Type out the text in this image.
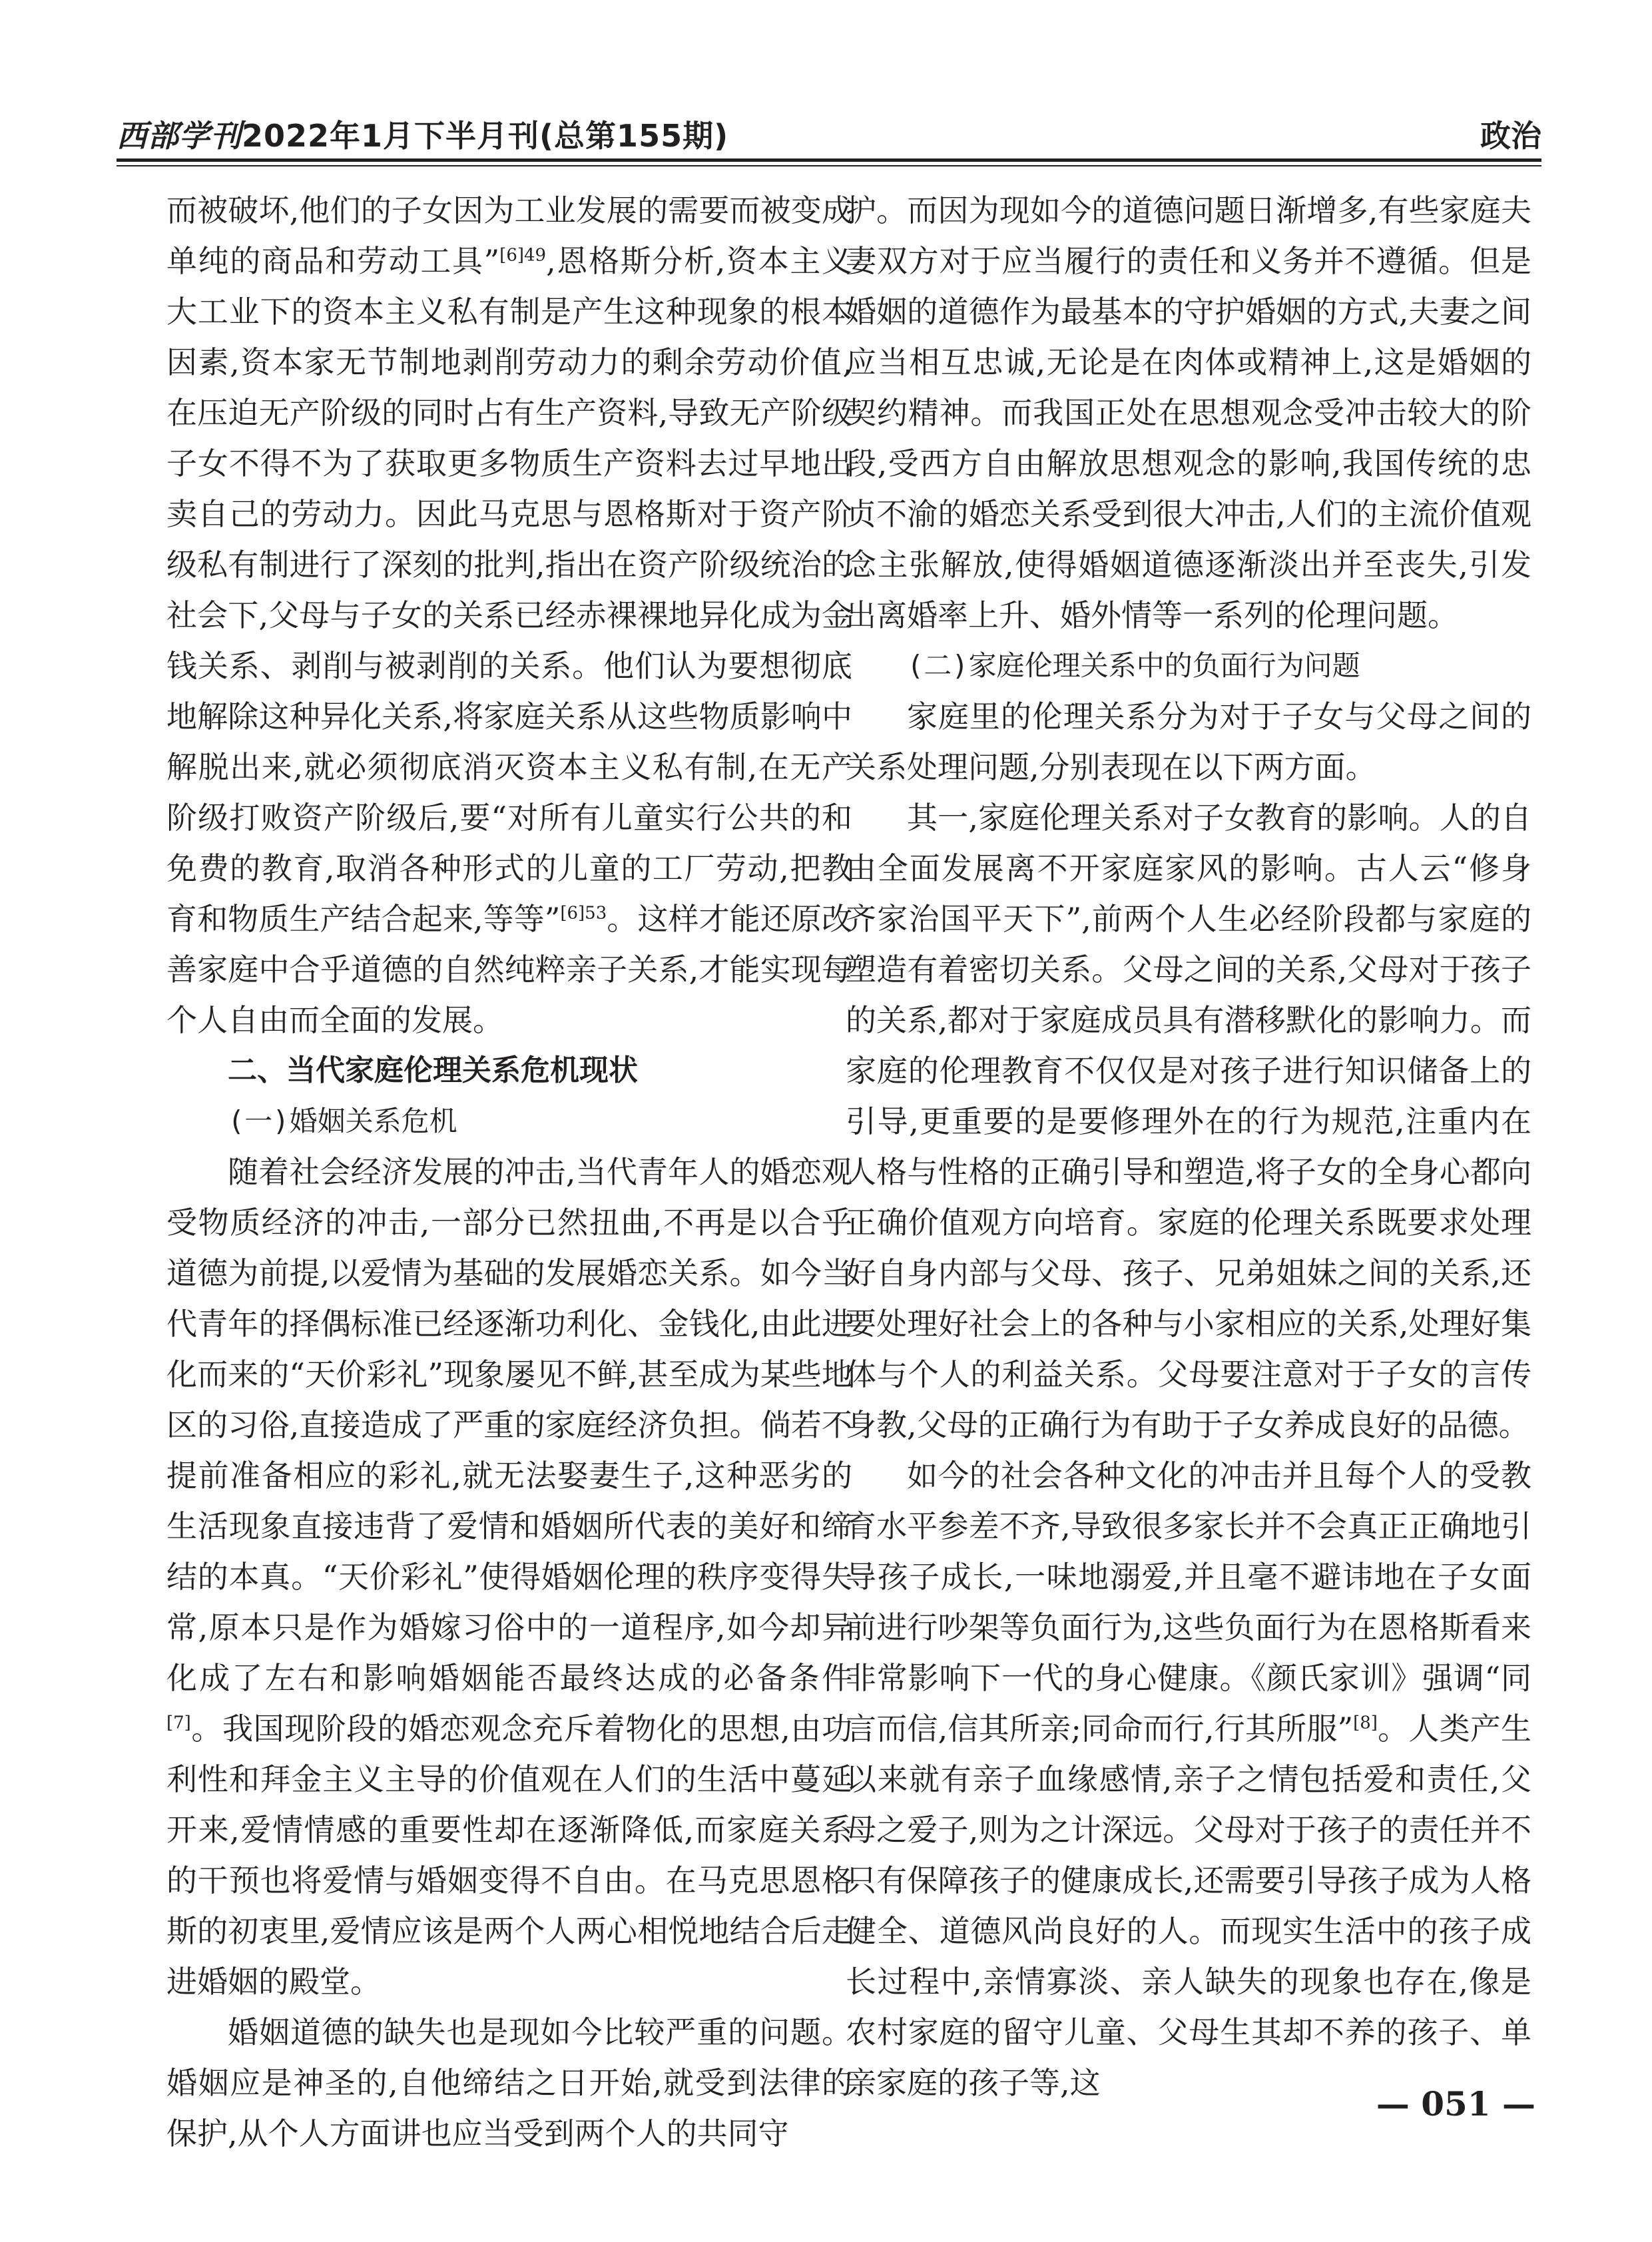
西部学刊2022年1月下半月刊(总第155期)	政治

而被破坏,他们的子女因为工业发展的需要而被变成单纯的商品和劳动工具”$^{[6]49}$,恩格斯分析,资本主义大工业下的资本主义私有制是产生这种现象的根本因素,资本家无节制地剥削劳动力的剩余劳动价值,在压迫无产阶级的同时占有生产资料,导致无产阶级子女不得不为了获取更多物质生产资料去过早地出卖自己的劳动力。因此马克思与恩格斯对于资产阶级私有制进行了深刻的批判,指出在资产阶级统治的社会下,父母与子女的关系已经赤裸裸地异化成为金钱关系、剥削与被剥削的关系。他们认为要想彻底地解除这种异化关系,将家庭关系从这些物质影响中解脱出来,就必须彻底消灭资本主义私有制,在无产阶级打败资产阶级后,要“对所有儿童实行公共的和免费的教育,取消各种形式的儿童的工厂劳动,把教育和物质生产结合起来,等等”$^{[6]53}$。这样才能还原改善家庭中合乎道德的自然纯粹亲子关系,才能实现每个人自由而全面的发展。

二、当代家庭伦理关系危机现状

(一)婚姻关系危机

随着社会经济发展的冲击,当代青年人的婚恋观受物质经济的冲击,一部分已然扭曲,不再是以合乎道德为前提,以爱情为基础的发展婚恋关系。如今当代青年的择偶标准已经逐渐功利化、金钱化,由此进化而来的“天价彩礼”现象屡见不鲜,甚至成为某些地区的习俗,直接造成了严重的家庭经济负担。倘若不提前准备相应的彩礼,就无法娶妻生子,这种恶劣的生活现象直接违背了爱情和婚姻所代表的美好和缔结的本真。“天价彩礼”使得婚姻伦理的秩序变得失常,原本只是作为婚嫁习俗中的一道程序,如今却异化成了左右和影响婚姻能否最终达成的必备条件[7]。我国现阶段的婚恋观念充斥着物化的思想,由功利性和拜金主义主导的价值观在人们的生活中蔓延开来,爱情情感的重要性却在逐渐降低,而家庭关系的干预也将爱情与婚姻变得不自由。在马克思恩格斯的初衷里,爱情应该是两个人两心相悦地结合后走进婚姻的殿堂。

婚姻道德的缺失也是现如今比较严重的问题。婚姻应是神圣的,自他缔结之日开始,就受到法律的保护,从个人方面讲也应当受到两个人的共同守

护。而因为现如今的道德问题日渐增多,有些家庭夫妻双方对于应当履行的责任和义务并不遵循。但是婚姻的道德作为最基本的守护婚姻的方式,夫妻之间应当相互忠诚,无论是在肉体或精神上,这是婚姻的契约精神。而我国正处在思想观念受冲击较大的阶段,受西方自由解放思想观念的影响,我国传统的忠贞不渝的婚恋关系受到很大冲击,人们的主流价值观念主张解放,使得婚姻道德逐渐淡出并至丧失,引发出离婚率上升、婚外情等一系列的伦理问题。

(二)家庭伦理关系中的负面行为问题

家庭里的伦理关系分为对于子女与父母之间的关系处理问题,分别表现在以下两方面。

其一,家庭伦理关系对子女教育的影响。人的自由全面发展离不开家庭家风的影响。古人云“修身齐家治国平天下”,前两个人生必经阶段都与家庭的塑造有着密切关系。父母之间的关系,父母对于孩子的关系,都对于家庭成员具有潜移默化的影响力。而家庭的伦理教育不仅仅是对孩子进行知识储备上的引导,更重要的是要修理外在的行为规范,注重内在人格与性格的正确引导和塑造,将子女的全身心都向正确价值观方向培育。家庭的伦理关系既要求处理好自身内部与父母、孩子、兄弟姐妹之间的关系,还要处理好社会上的各种与小家相应的关系,处理好集体与个人的利益关系。父母要注意对于子女的言传身教,父母的正确行为有助于子女养成良好的品德。

如今的社会各种文化的冲击并且每个人的受教育水平参差不齐,导致很多家长并不会真正正确地引导孩子成长,一味地溺爱,并且毫不避讳地在子女面前进行吵架等负面行为,这些负面行为在恩格斯看来非常影响下一代的身心健康。《颜氏家训》强调“同言而信,信其所亲;同命而行,行其所服”[8]。人类产生以来就有亲子血缘感情,亲子之情包括爱和责任,父母之爱子,则为之计深远。父母对于孩子的责任并不只有保障孩子的健康成长,还需要引导孩子成为人格健全、道德风尚良好的人。而现实生活中的孩子成长过程中,亲情寡淡、亲人缺失的现象也存在,像是农村家庭的留守儿童、父母生其却不养的孩子、单亲家庭的孩子等,这

— 051 —
